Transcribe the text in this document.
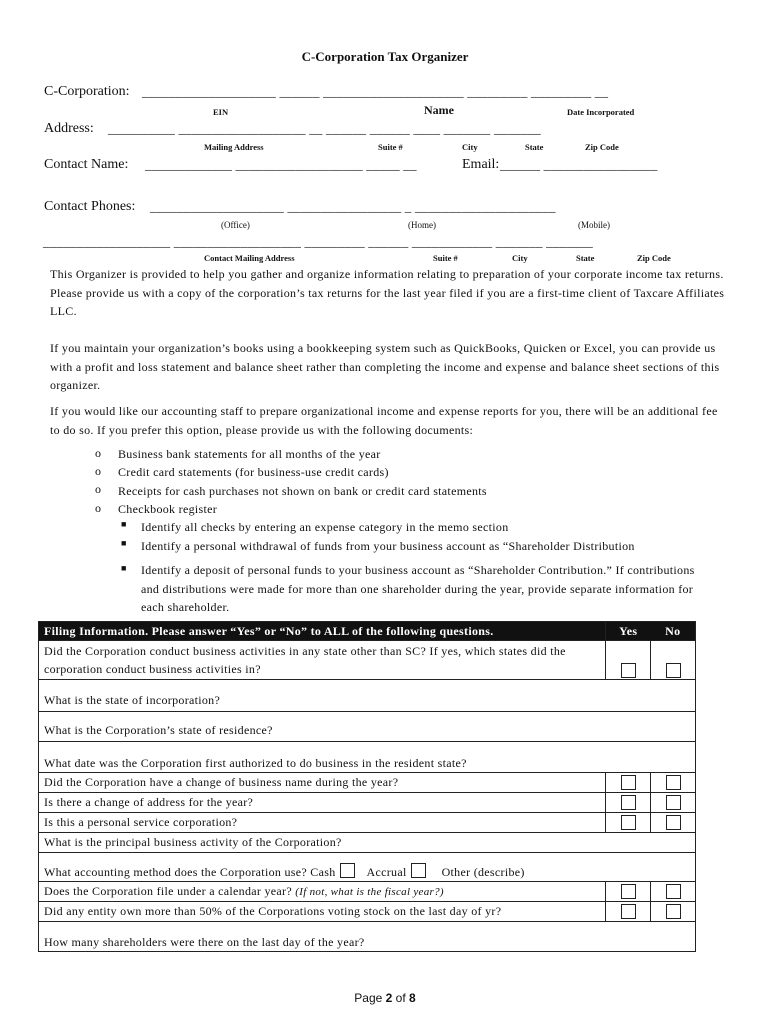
C-Corporation Tax Organizer
C-Corporation: ____________________ ______ _____________________ _________ _________ __
EIN	Name	Date Incorporated
Address: __________ ___________________ __ ______ ______ ____ _______ _______
Mailing Address	Suite #	City	State	Zip Code
Contact Name: _____________ ___________________ _____ __	Email: ______ _________________
Contact Phones: ____________________ _________________ _ _____________________
(Office)	(Home)	(Mobile)
___________________ ___________________ _________ ______ ____________ _______ _______
Contact Mailing Address	Suite #	City	State	Zip Code
This Organizer is provided to help you gather and organize information relating to preparation of your corporate income tax returns. Please provide us with a copy of the corporation’s tax returns for the last year filed if you are a first-time client of Taxcare Affiliates LLC.
If you maintain your organization’s books using a bookkeeping system such as QuickBooks, Quicken or Excel, you can provide us with a profit and loss statement and balance sheet rather than completing the income and expense and balance sheet sections of this organizer.
If you would like our accounting staff to prepare organizational income and expense reports for you, there will be an additional fee to do so. If you prefer this option, please provide us with the following documents:
o Business bank statements for all months of the year
o Credit card statements (for business-use credit cards)
o Receipts for cash purchases not shown on bank or credit card statements
o Checkbook register
■ Identify all checks by entering an expense category in the memo section
■ Identify a personal withdrawal of funds from your business account as “Shareholder Distribution
■ Identify a deposit of personal funds to your business account as “Shareholder Contribution.” If contributions and distributions were made for more than one shareholder during the year, provide separate information for each shareholder.
Filing Information. Please answer “Yes” or “No” to ALL of the following questions.	Yes	No
Did the Corporation conduct business activities in any state other than SC? If yes, which states did the corporation conduct business activities in?		
What is the state of incorporation?		
What is the Corporation’s state of residence?		
What date was the Corporation first authorized to do business in the resident state?		
Did the Corporation have a change of business name during the year?		
Is there a change of address for the year?		
Is this a personal service corporation?		
What is the principal business activity of the Corporation?		
What accounting method does the Corporation use? Cash Accrual Other (describe)		
Does the Corporation file under a calendar year? (If not, what is the fiscal year?)		
Did any entity own more than 50% of the Corporations voting stock on the last day of yr?		
How many shareholders were there on the last day of the year?		
Page 2 of 8
